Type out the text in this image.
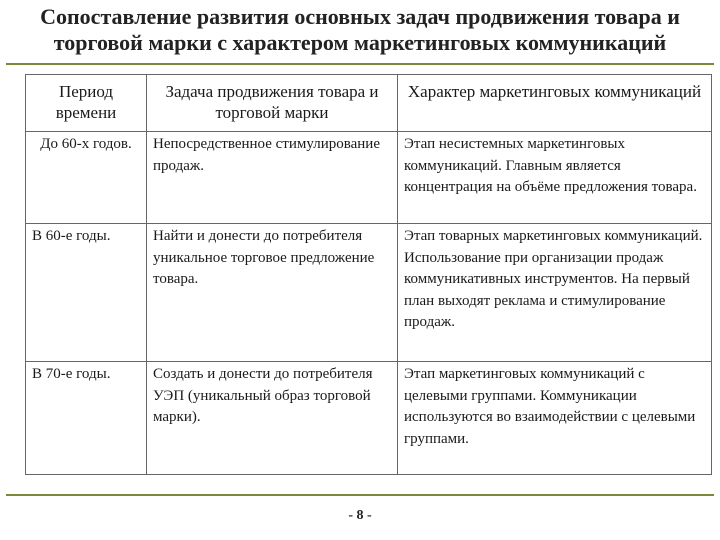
Сопоставление развития основных задач продвижения товара и
торговой марки с характером маркетинговых коммуникаций
Период времени	Задача продвижения товара и торговой марки	Характер маркетинговых коммуникаций
До 60-х годов.	Непосредственное стимулирование продаж.	Этап несистемных маркетинговых коммуникаций. Главным является концентрация на объёме предложения товара.
В 60-е годы.	Найти и донести до потребителя уникальное торговое предложение товара.	Этап товарных маркетинговых коммуникаций. Использование при организации продаж коммуникативных инструментов. На первый план выходят реклама и стимулирование продаж.
В 70-е годы.	Создать и донести до потребителя УЭП (уникальный образ торговой марки).	Этап маркетинговых коммуникаций с целевыми группами. Коммуникации используются во взаимодействии с целевыми группами.
- 8 -
